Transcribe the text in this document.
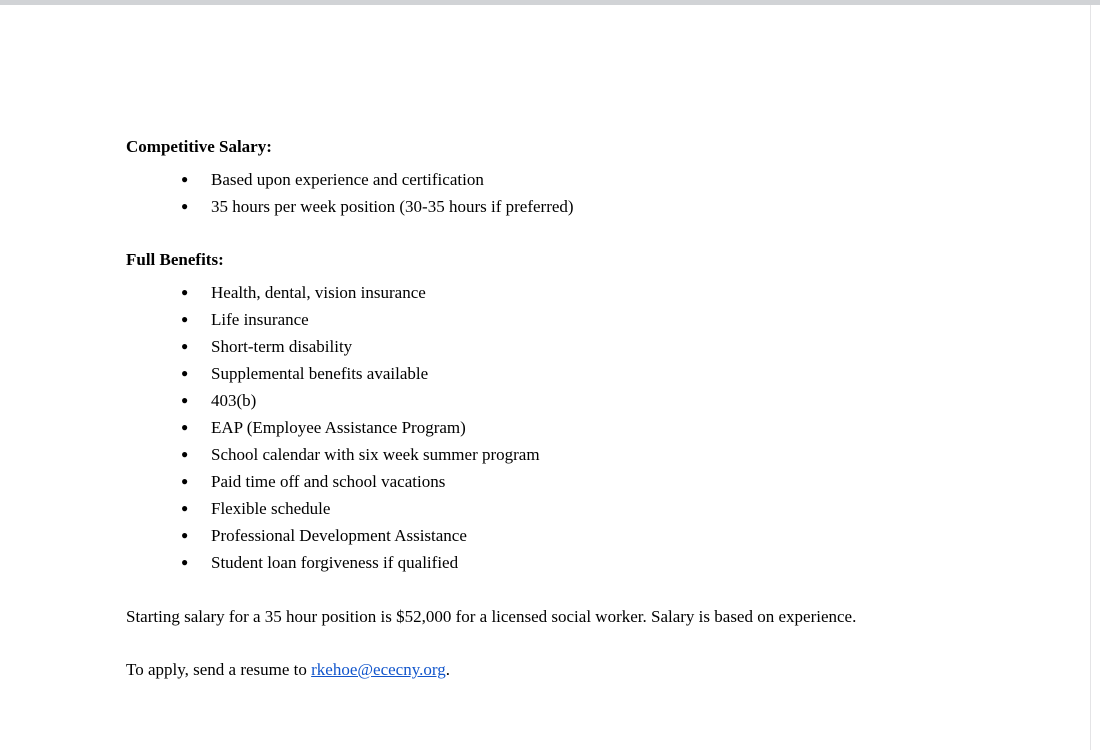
Competitive Salary:

● Based upon experience and certification
● 35 hours per week position (30-35 hours if preferred)

Full Benefits:

● Health, dental, vision insurance
● Life insurance
● Short-term disability
● Supplemental benefits available
● 403(b)
● EAP (Employee Assistance Program)
● School calendar with six week summer program
● Paid time off and school vacations
● Flexible schedule
● Professional Development Assistance
● Student loan forgiveness if qualified

Starting salary for a 35 hour position is $52,000 for a licensed social worker. Salary is based on experience.

To apply, send a resume to rkehoe@ececny.org.
